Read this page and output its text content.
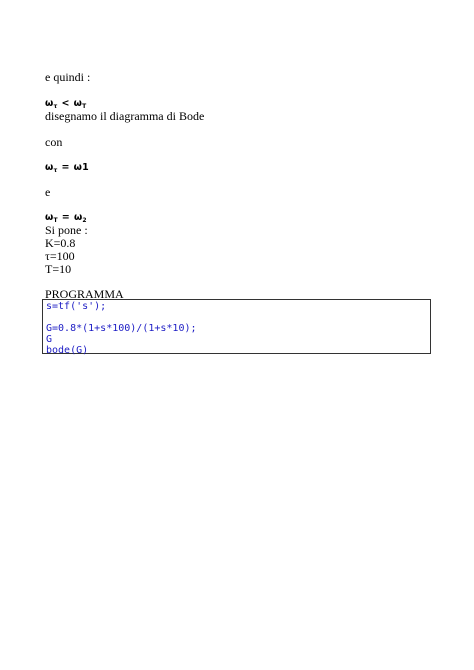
e quindi :
$\omega_\tau < \omega_T$
disegnamo il diagramma di Bode
con
$\omega_\tau = \omega 1$
e
$\omega_T = \omega_2$
Si pone :
K=0.8
τ=100
T=10
PROGRAMMA
s=tf('s');
G=0.8*(1+s*100)/(1+s*10);
G
bode(G)
